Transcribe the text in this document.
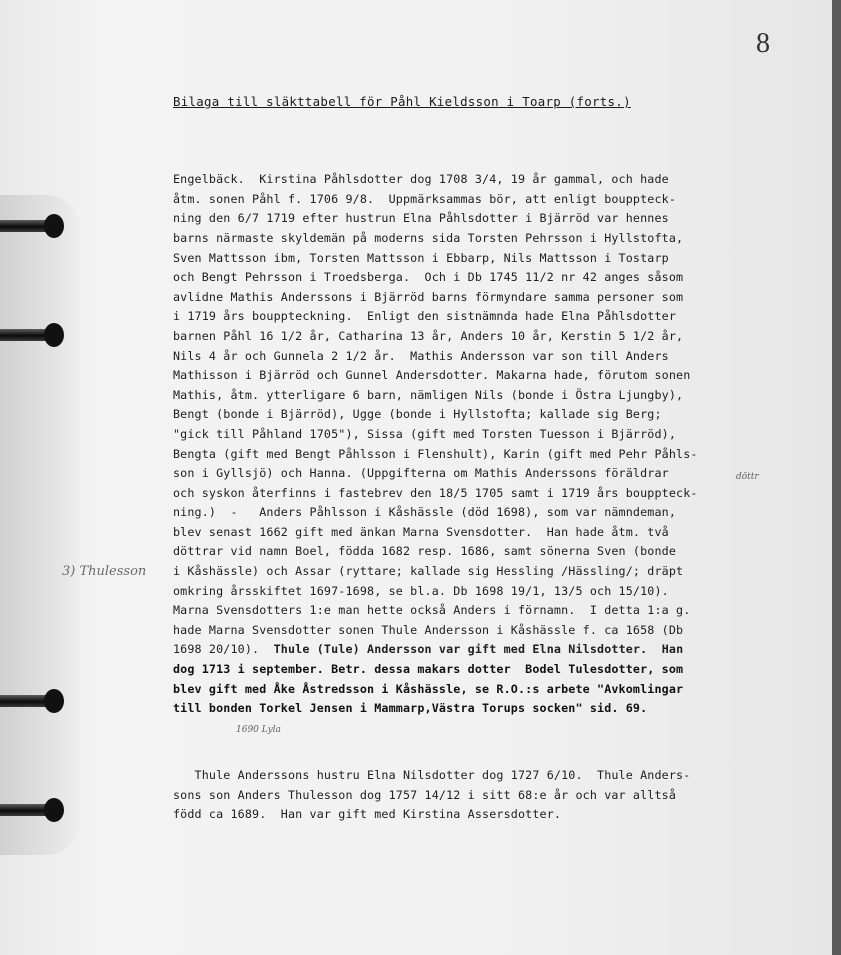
8
Bilaga till släkttabell för Påhl Kieldsson i Toarp (forts.)

Engelbäck.  Kirstina Påhlsdotter dog 1708 3/4, 19 år gammal, och hade
åtm. sonen Påhl f. 1706 9/8.  Uppmärksammas bör, att enligt bouppteck-
ning den 6/7 1719 efter hustrun Elna Påhlsdotter i Bjärröd var hennes
barns närmaste skyldemän på moderns sida Torsten Pehrsson i Hyllstofta,
Sven Mattsson ibm, Torsten Mattsson i Ebbarp, Nils Mattsson i Tostarp
och Bengt Pehrsson i Troedsberga.  Och i Db 1745 11/2 nr 42 anges såsom
avlidne Mathis Anderssons i Bjärröd barns förmyndare samma personer som
i 1719 års bouppteckning.  Enligt den sistnämnda hade Elna Påhlsdotter
barnen Påhl 16 1/2 år, Catharina 13 år, Anders 10 år, Kerstin 5 1/2 år,
Nils 4 år och Gunnela 2 1/2 år.  Mathis Andersson var son till Anders
Mathisson i Bjärröd och Gunnel Andersdotter. Makarna hade, förutom sonen
Mathis, åtm. ytterligare 6 barn, nämligen Nils (bonde i Östra Ljungby),
Bengt (bonde i Bjärröd), Ugge (bonde i Hyllstofta; kallade sig Berg;
"gick till Påhland 1705"), Sissa (gift med Torsten Tuesson i Bjärröd),
Bengta (gift med Bengt Påhlsson i Flenshult), Karin (gift med Pehr Påhls-
son i Gyllsjö) och Hanna. (Uppgifterna om Mathis Anderssons föräldrar
och syskon återfinns i fastebrev den 18/5 1705 samt i 1719 års bouppteck-
ning.)  -   Anders Påhlsson i Kåshässle (död 1698), som var nämndeman,
blev senast 1662 gift med änkan Marna Svensdotter.  Han hade åtm. två
döttrar vid namn Boel, födda 1682 resp. 1686, samt sönerna Sven (bonde
i Kåshässle) och Assar (ryttare; kallade sig Hessling /Hässling/; dräpt
omkring årsskiftet 1697-1698, se bl.a. Db 1698 19/1, 13/5 och 15/10).
Marna Svensdotters 1:e man hette också Anders i förnamn.  I detta 1:a g.
hade Marna Svensdotter sonen Thule Andersson i Kåshässle f. ca 1658 (Db
1698 20/10).  Thule (Tule) Andersson var gift med Elna Nilsdotter.  Han
dog 1713 i september. Betr. dessa makars dotter  Bodel Tulesdotter, som
blev gift med Åke Åstredsson i Kåshässle, se R.O.:s arbete "Avkomlingar
till bonden Torkel Jensen i Mammarp,Västra Torups socken" sid. 69.

Thule Anderssons hustru Elna Nilsdotter dog 1727 6/10.  Thule Anders-
sons son Anders Thulesson dog 1757 14/12 i sitt 68:e år och var alltså
född ca 1689.  Han var gift med Kirstina Assersdotter.

3) Thulesson
döttr
1690 Lyla
